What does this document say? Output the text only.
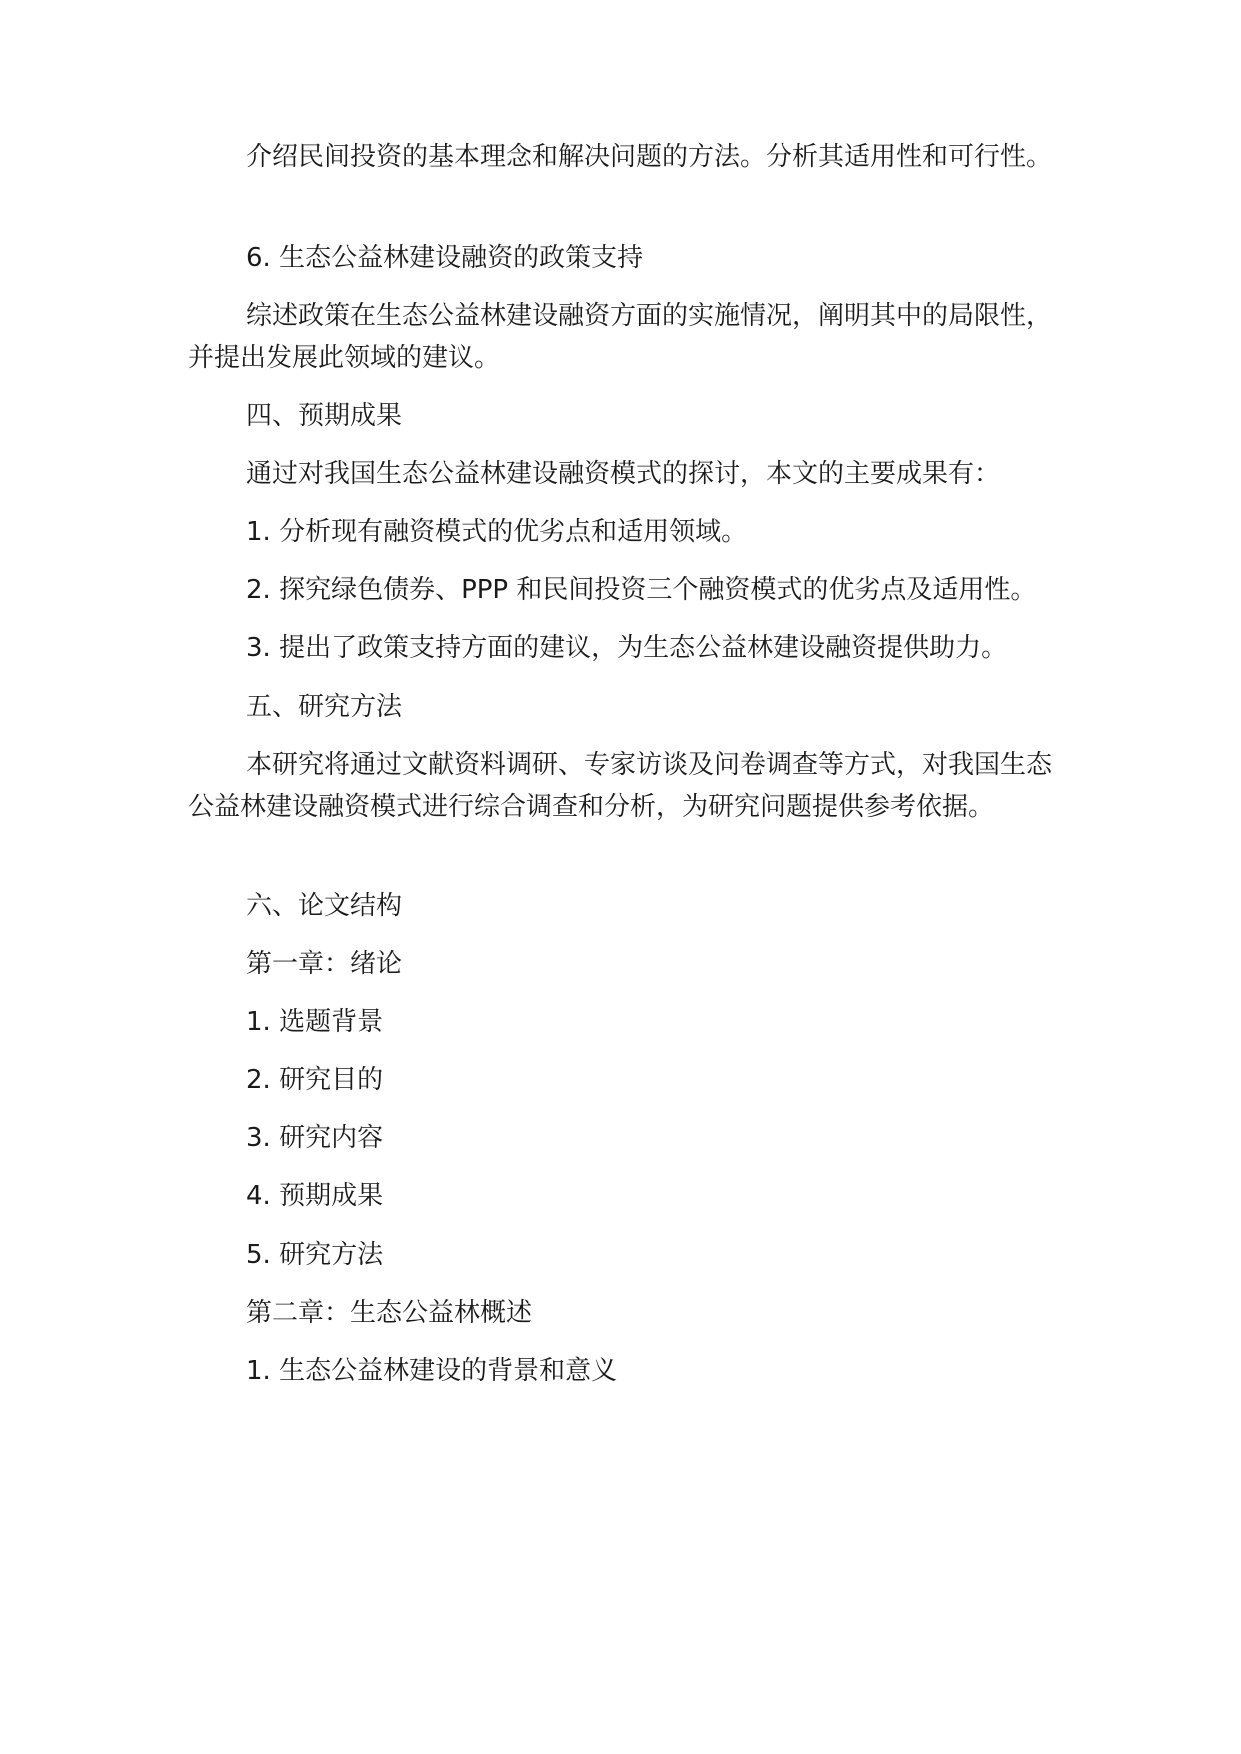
介绍民间投资的基本理念和解决问题的方法。分析其适用性和可行性。

6. 生态公益林建设融资的政策支持

综述政策在生态公益林建设融资方面的实施情况，阐明其中的局限性，并提出发展此领域的建议。

四、预期成果

通过对我国生态公益林建设融资模式的探讨，本文的主要成果有：

1. 分析现有融资模式的优劣点和适用领域。

2. 探究绿色债券、PPP 和民间投资三个融资模式的优劣点及适用性。

3. 提出了政策支持方面的建议，为生态公益林建设融资提供助力。

五、研究方法

本研究将通过文献资料调研、专家访谈及问卷调查等方式，对我国生态公益林建设融资模式进行综合调查和分析，为研究问题提供参考依据。

六、论文结构

第一章：绪论

1. 选题背景

2. 研究目的

3. 研究内容

4. 预期成果

5. 研究方法

第二章：生态公益林概述

1. 生态公益林建设的背景和意义
